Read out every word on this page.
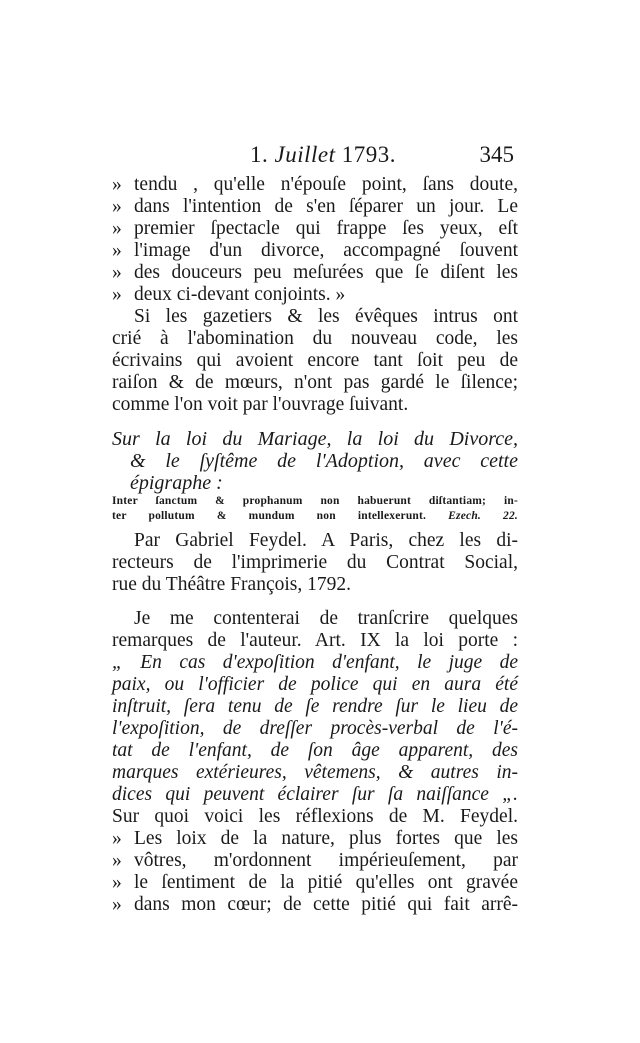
1. Juillet 1793.	345
» tendu , qu'elle n'épouſe point, ſans doute,
» dans l'intention de s'en ſéparer un jour. Le
» premier ſpectacle qui frappe ſes yeux, eſt
» l'image d'un divorce, accompagné ſouvent
» des douceurs peu meſurées que ſe diſent les
» deux ci-devant conjoints. »
Si les gazetiers & les évêques intrus ont
crié à l'abomination du nouveau code, les
écrivains qui avoient encore tant ſoit peu de
raiſon & de mœurs, n'ont pas gardé le ſilence;
comme l'on voit par l'ouvrage ſuivant.
Sur la loi du Mariage, la loi du Divorce,
& le ſyſtême de l'Adoption, avec cette
épigraphe :
Inter ſanctum & prophanum non habuerunt diſtantiam; in-
ter pollutum & mundum non intellexerunt. Ezech. 22.
Par Gabriel Feydel. A Paris, chez les di-
recteurs de l'imprimerie du Contrat Social,
rue du Théâtre François, 1792.
Je me contenterai de tranſcrire quelques
remarques de l'auteur. Art. IX la loi porte :
„ En cas d'expoſition d'enfant, le juge de
paix, ou l'officier de police qui en aura été
inſtruit, ſera tenu de ſe rendre ſur le lieu de
l'expoſition, de dreſſer procès-verbal de l'é-
tat de l'enfant, de ſon âge apparent, des
marques extérieures, vêtemens, & autres in-
dices qui peuvent éclairer ſur ſa naiſſance „.
Sur quoi voici les réflexions de M. Feydel.
» Les loix de la nature, plus fortes que les
» vôtres, m'ordonnent impérieuſement, par
» le ſentiment de la pitié qu'elles ont gravée
» dans mon cœur; de cette pitié qui fait arrê-
